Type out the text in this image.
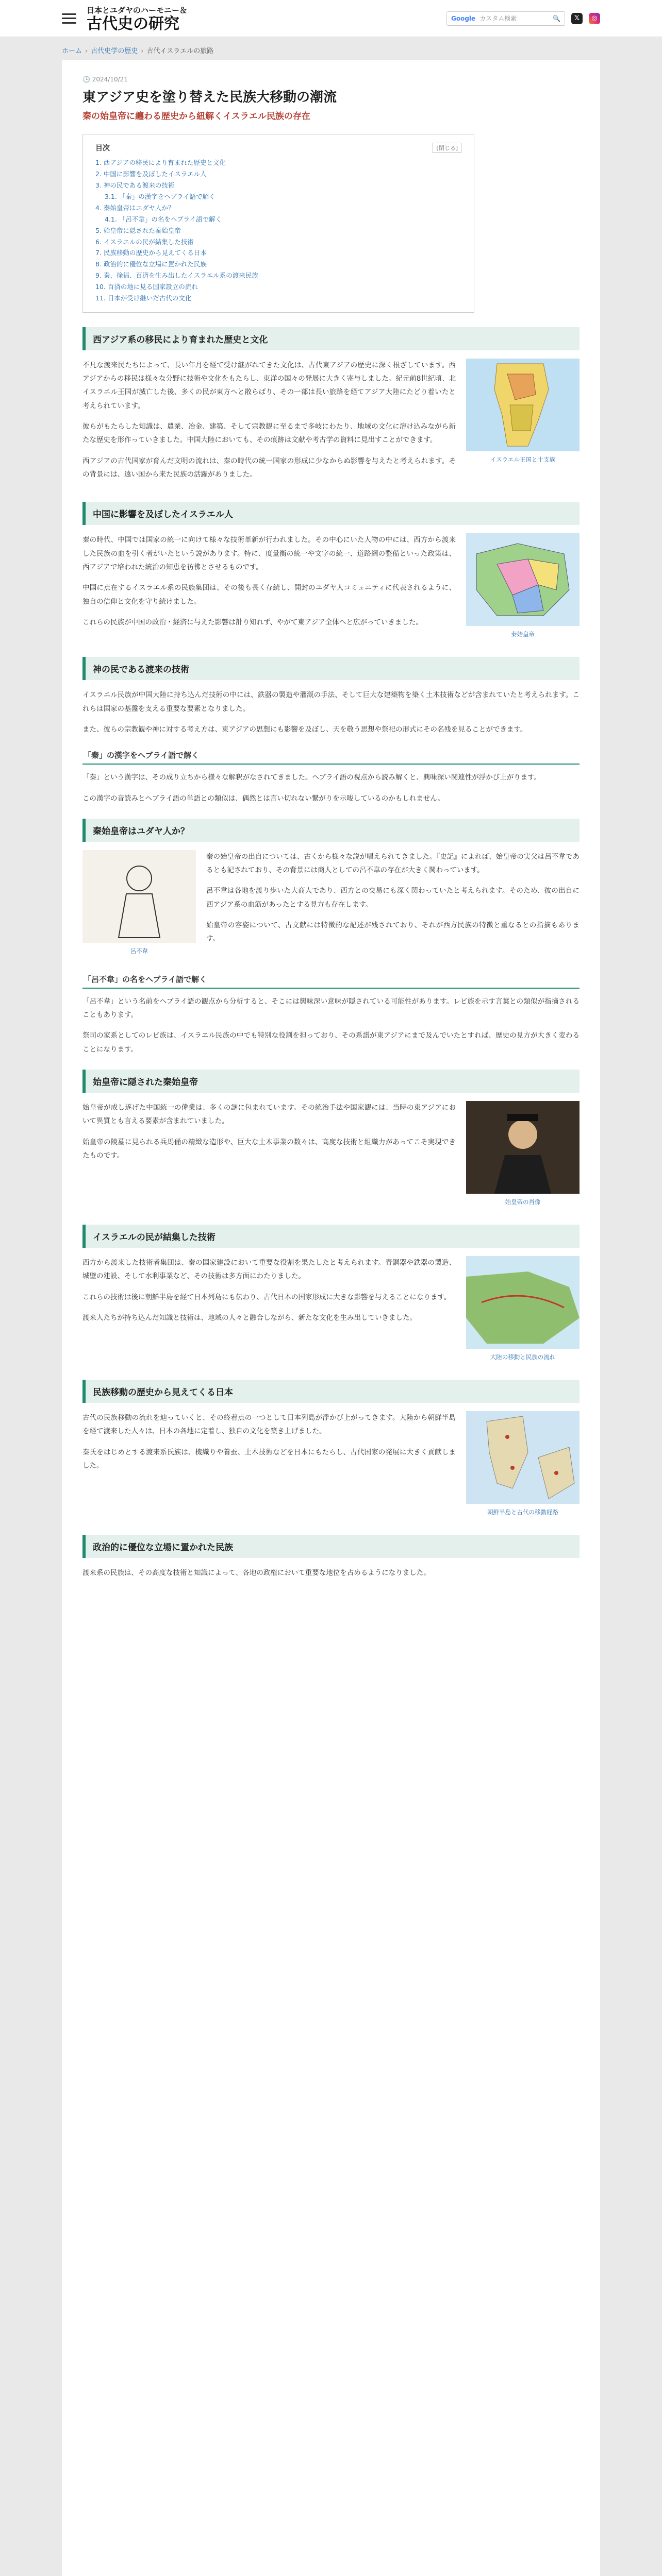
日本とユダヤのハーモニー＆
古代史の研究	Google カスタム検索	🔍	𝕏	◎
ホーム › 古代史学の歴史 › 古代イスラエルの旅路
🕒 2024/10/21
東アジア史を塗り替えた民族大移動の潮流
秦の始皇帝に纏わる歴史から紐解くイスラエル民族の存在
目次	[閉じる]
1. 西アジアの移民により育まれた歴史と文化
2. 中国に影響を及ぼしたイスラエル人
3. 神の民である渡来の技術
3.1. 「秦」の漢字をヘブライ語で解く
4. 秦始皇帝はユダヤ人か？
4.1. 「呂不韋」の名をヘブライ語で解く
5. 始皇帝に隠された秦始皇帝
6. イスラエルの民が結集した技術
7. 民族移動の歴史から見えてくる日本
8. 政治的に優位な立場に置かれた民族
9. 秦、徐福、百済を生み出したイスラエル系の渡来民族
10. 百済の地に見る国家設立の流れ
11. 日本が受け継いだ古代の文化
西アジア系の移民により育まれた歴史と文化
イスラエル王国と十支族

不凡な渡来民たちによって、長い年月を経て受け継がれてきた文化は、古代東アジアの歴史に深く根ざしています。西アジアからの移民は様々な分野に技術や文化をもたらし、東洋の国々の発展に大きく寄与しました。紀元前8世紀頃、北イスラエル王国が滅亡した後、多くの民が東方へと散らばり、その一部は長い旅路を経てアジア大陸にたどり着いたと考えられています。

彼らがもたらした知識は、農業、冶金、建築、そして宗教観に至るまで多岐にわたり、地域の文化に溶け込みながら新たな歴史を形作っていきました。中国大陸においても、その痕跡は文献や考古学の資料に見出すことができます。

西アジアの古代国家が育んだ文明の流れは、秦の時代の統一国家の形成に少なからぬ影響を与えたと考えられます。その背景には、遠い国から来た民族の活躍がありました。

中国に影響を及ぼしたイスラエル人
秦始皇帝

秦の時代、中国では国家の統一に向けて様々な技術革新が行われました。その中心にいた人物の中には、西方から渡来した民族の血を引く者がいたという説があります。特に、度量衡の統一や文字の統一、道路網の整備といった政策は、西アジアで培われた統治の知恵を彷彿とさせるものです。

中国に点在するイスラエル系の民族集団は、その後も長く存続し、開封のユダヤ人コミュニティに代表されるように、独自の信仰と文化を守り続けました。

これらの民族が中国の政治・経済に与えた影響は計り知れず、やがて東アジア全体へと広がっていきました。

神の民である渡来の技術

イスラエル民族が中国大陸に持ち込んだ技術の中には、鉄器の製造や灌漑の手法、そして巨大な建築物を築く土木技術などが含まれていたと考えられます。これらは国家の基盤を支える重要な要素となりました。

また、彼らの宗教観や神に対する考え方は、東アジアの思想にも影響を及ぼし、天を敬う思想や祭祀の形式にその名残を見ることができます。

「秦」の漢字をヘブライ語で解く

「秦」という漢字は、その成り立ちから様々な解釈がなされてきました。ヘブライ語の視点から読み解くと、興味深い関連性が浮かび上がります。

この漢字の音読みとヘブライ語の単語との類似は、偶然とは言い切れない繋がりを示唆しているのかもしれません。

秦始皇帝はユダヤ人か？
呂不韋

秦の始皇帝の出自については、古くから様々な説が唱えられてきました。『史記』によれば、始皇帝の実父は呂不韋であるとも記されており、その背景には商人としての呂不韋の存在が大きく関わっています。

呂不韋は各地を渡り歩いた大商人であり、西方との交易にも深く関わっていたと考えられます。そのため、彼の出自に西アジア系の血筋があったとする見方も存在します。

始皇帝の容姿について、古文献には特徴的な記述が残されており、それが西方民族の特徴と重なるとの指摘もあります。

「呂不韋」の名をヘブライ語で解く

「呂不韋」という名前をヘブライ語の観点から分析すると、そこには興味深い意味が隠されている可能性があります。レビ族を示す言葉との類似が指摘されることもあります。

祭司の家系としてのレビ族は、イスラエル民族の中でも特別な役割を担っており、その系譜が東アジアにまで及んでいたとすれば、歴史の見方が大きく変わることになります。

始皇帝に隠された秦始皇帝
始皇帝の肖像

始皇帝が成し遂げた中国統一の偉業は、多くの謎に包まれています。その統治手法や国家観には、当時の東アジアにおいて異質とも言える要素が含まれていました。

始皇帝の陵墓に見られる兵馬俑の精緻な造形や、巨大な土木事業の数々は、高度な技術と組織力があってこそ実現できたものです。

イスラエルの民が結集した技術
大陸の移動と民族の流れ

西方から渡来した技術者集団は、秦の国家建設において重要な役割を果たしたと考えられます。青銅器や鉄器の製造、城壁の建設、そして水利事業など、その技術は多方面にわたりました。

これらの技術は後に朝鮮半島を経て日本列島にも伝わり、古代日本の国家形成に大きな影響を与えることになります。

渡来人たちが持ち込んだ知識と技術は、地域の人々と融合しながら、新たな文化を生み出していきました。

民族移動の歴史から見えてくる日本
朝鮮半島と古代の移動経路

古代の民族移動の流れを辿っていくと、その終着点の一つとして日本列島が浮かび上がってきます。大陸から朝鮮半島を経て渡来した人々は、日本の各地に定着し、独自の文化を築き上げました。

秦氏をはじめとする渡来系氏族は、機織りや養蚕、土木技術などを日本にもたらし、古代国家の発展に大きく貢献しました。

政治的に優位な立場に置かれた民族

渡来系の民族は、その高度な技術と知識によって、各地の政権において重要な地位を占めるようになりました。
